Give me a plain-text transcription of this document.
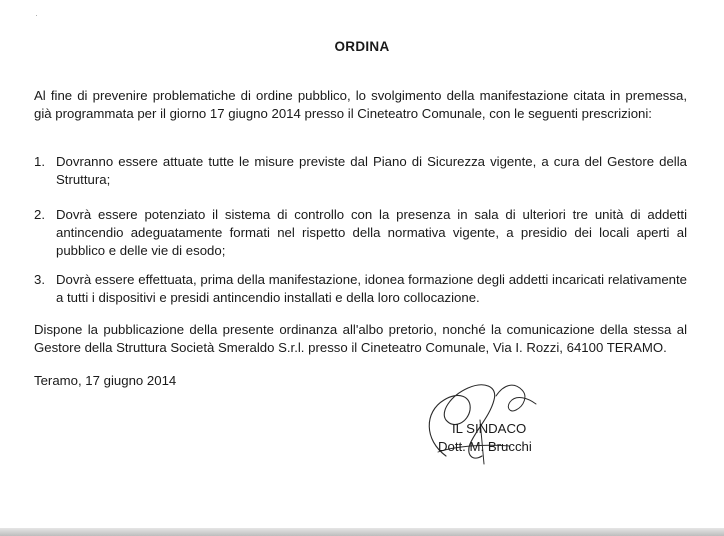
ORDINA
Al fine di prevenire problematiche di ordine pubblico, lo svolgimento della manifestazione citata in premessa, già programmata per il giorno 17 giugno 2014 presso il Cineteatro Comunale, con le seguenti prescrizioni:
1. Dovranno essere attuate tutte le misure previste dal Piano di Sicurezza vigente, a cura del Gestore della Struttura;
2. Dovrà essere potenziato il sistema di controllo con la presenza in sala di ulteriori tre unità di addetti antincendio adeguatamente formati nel rispetto della normativa vigente, a presidio dei locali aperti al pubblico e delle vie di esodo;
3. Dovrà essere effettuata, prima della manifestazione, idonea formazione degli addetti incaricati relativamente a tutti i dispositivi e presidi antincendio installati e della loro collocazione.
Dispone la pubblicazione della presente ordinanza all'albo pretorio, nonché la comunicazione della stessa al Gestore della Struttura Società Smeraldo S.r.l. presso il Cineteatro Comunale, Via I. Rozzi, 64100 TERAMO.
Teramo, 17 giugno 2014
IL SINDACO
Dott. M. Brucchi
